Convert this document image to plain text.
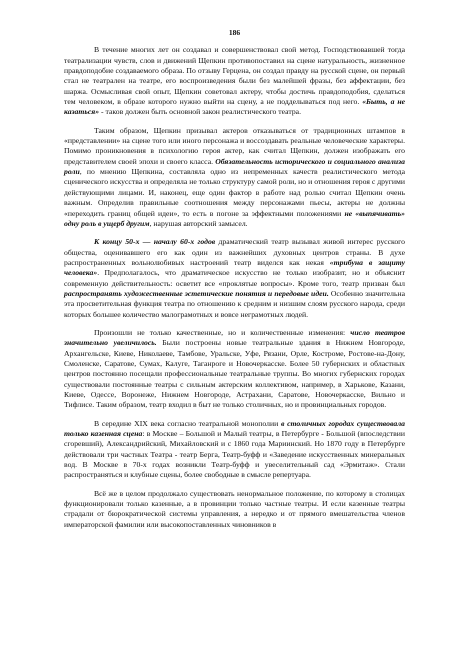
186

В течение многих лет он создавал и совершенствовал свой метод. Господствовавшей тогда театрализации чувств, слов и движений Щепкин противопоставил на сцене натуральность, жизненное правдоподобие создаваемого образа. По отзыву Герцена, он создал правду на русской сцене, он первый стал не театрален на театре, его воспроизведения были без малейшей фразы, без аффектации, без шаржа. Осмысливая свой опыт, Щепкин советовал актеру, чтобы достичь правдоподобия, сделаться тем человеком, в образе которого нужно выйти на сцену, а не подделываться под него. «Быть, а не казаться» - таков должен быть основной закон реалистического театра.

Таким образом, Щепкин призывал актеров отказываться от традиционных штампов в «представлении» на сцене того или иного персонажа и воссоздавать реальные человеческие характеры. Помимо проникновения в психологию героя актер, как считал Щепкин, должен изображать его представителем своей эпохи и своего класса. Обязательность исторического и социального анализа роли, по мнению Щепкина, составляла одно из непременных качеств реалистического метода сценического искусства и определяла не только структуру самой роли, но и отношения героя с другими действующими лицами. И, наконец, еще один фактор в работе над ролью считал Щепкин очень важным. Определив правильные соотношения между персонажами пьесы, актеры не должны «переходить границ общей идеи», то есть в погоне за эффектными положениями не «выпячивать» одну роль в ущерб другим, нарушая авторский замысел.

К концу 50-х — началу 60-х годов драматический театр вызывал живой интерес русского общества, оценивавшего его как один из важнейших духовных центров страны. В духе распространенных вольнолюбивых настроений театр виделся как некая «трибуна в защиту человека». Предполагалось, что драматическое искусство не только изобразит, но и объяснит современную действительность: осветит все «проклятые вопросы». Кроме того, театр призван был распространять художественные эстетические понятия и передовые идеи. Особенно значительна эта просветительная функция театра по отношению к средним и низшим слоям русского народа, среди которых большее количество малограмотных и вовсе неграмотных людей.

Произошли не только качественные, но и количественные изменения: число театров значительно увеличилось. Были построены новые театральные здания в Нижнем Новгороде, Архангельске, Киеве, Николаеве, Тамбове, Уральске, Уфе, Рязани, Орле, Костроме, Ростове-на-Дону, Смоленске, Саратове, Сумах, Калуге, Таганроге и Новочеркасске. Более 50 губернских и областных центров постоянно посещали профессиональные театральные труппы. Во многих губернских городах существовали постоянные театры с сильным актерским коллективом, например, в Харькове, Казани, Киеве, Одессе, Воронеже, Нижнем Новгороде, Астрахани, Саратове, Новочеркасске, Вильно и Тифлисе. Таким образом, театр входил в быт не только столичных, но и провинциальных городов.

В середине XIX века согласно театральной монополии в столичных городах существовала только казенная сцена: в Москве – Большой и Малый театры, в Петербурге - Большой (впоследствии сгоревший), Александрийский, Михайловский и с 1860 года Мариинский. Но 1870 году в Петербурге действовали три частных Театра - театр Берга, Театр-буфф и «Заведение искусственных минеральных вод. В Москве в 70-х годах возникли Театр-буфф и увеселительный сад «Эрмитаж». Стали распространяться и клубные сцены, более свободные в смысле репертуара.

Всё же в целом продолжало существовать ненормальное положение, по которому в столицах функционировали только казенные, а в провинции только частные театры. И если казенные театры страдали от бюрократической системы управления, а нередко и от прямого вмешательства членов императорской фамилии или высокопоставленных чиновников в
